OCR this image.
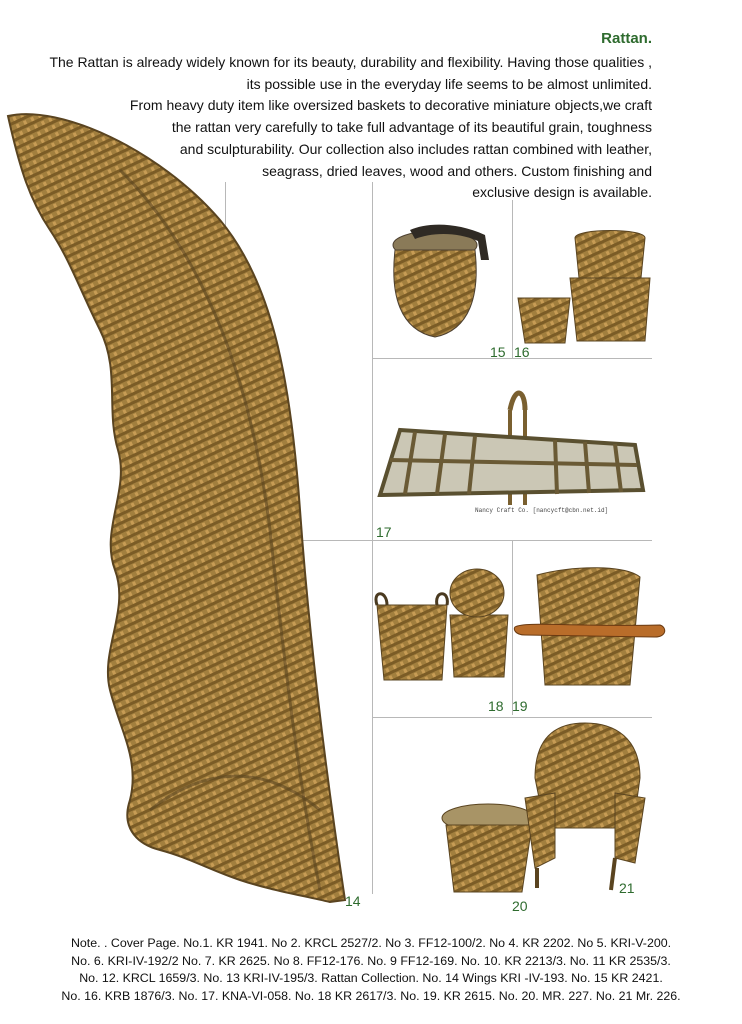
Rattan.
The Rattan is already widely known for its beauty, durability and flexibility. Having those qualities ,
its possible use in the everyday life seems to be almost unlimited.
From heavy duty item like oversized baskets to decorative miniature objects,we craft
the rattan very carefully to take full advantage of its beautiful grain, toughness
and sculpturability. Our collection also includes rattan combined with leather,
seagrass, dried leaves, wood and others. Custom finishing and
exclusive design is available.
Nancy Craft Co. [nancycft@cbn.net.id]
14
15 16
17
18 19
20
21
Note. . Cover Page. No.1. KR 1941. No 2. KRCL 2527/2. No 3. FF12-100/2. No 4. KR 2202. No 5. KRI-V-200.
No. 6. KRI-IV-192/2 No. 7. KR 2625. No 8. FF12-176. No. 9 FF12-169. No. 10. KR 2213/3. No. 11 KR 2535/3.
No. 12. KRCL 1659/3. No. 13 KRI-IV-195/3. Rattan Collection. No. 14 Wings KRI -IV-193. No. 15 KR 2421.
No. 16. KRB 1876/3. No. 17. KNA-VI-058. No. 18 KR 2617/3. No. 19. KR 2615. No. 20. MR. 227. No. 21 Mr. 226.
